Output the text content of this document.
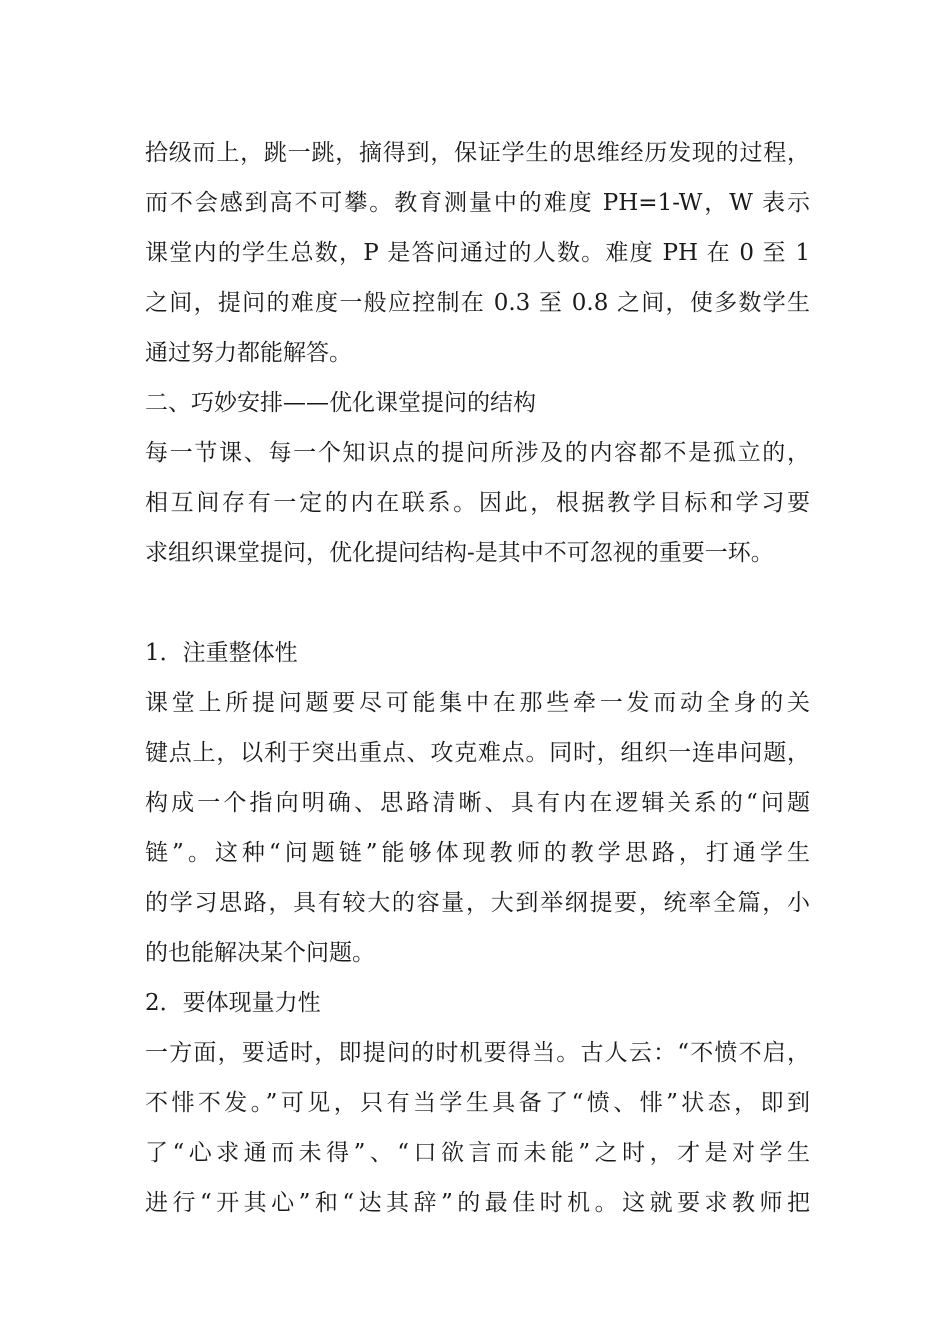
拾级而上，跳一跳，摘得到，保证学生的思维经历发现的过程，
而不会感到高不可攀。教育测量中的难度 PH=1-W，W 表示
课堂内的学生总数，P 是答问通过的人数。难度 PH 在 0 至 1
之间，提问的难度一般应控制在 0.3 至 0.8 之间，使多数学生
通过努力都能解答。
二、巧妙安排——优化课堂提问的结构
每一节课、每一个知识点的提问所涉及的内容都不是孤立的，
相互间存有一定的内在联系。因此，根据教学目标和学习要
求组织课堂提问，优化提问结构-是其中不可忽视的重要一环。
1．注重整体性
课堂上所提问题要尽可能集中在那些牵一发而动全身的关
键点上，以利于突出重点、攻克难点。同时，组织一连串问题，
构成一个指向明确、思路清晰、具有内在逻辑关系的“问题
链”。这种“问题链”能够体现教师的教学思路，打通学生
的学习思路，具有较大的容量，大到举纲提要，统率全篇，小
的也能解决某个问题。
2．要体现量力性
一方面，要适时，即提问的时机要得当。古人云：“不愤不启，
不悱不发。”可见，只有当学生具备了“愤、悱”状态，即到
了“心求通而未得”、“口欲言而未能”之时，才是对学生
进行“开其心”和“达其辞”的最佳时机。这就要求教师把
